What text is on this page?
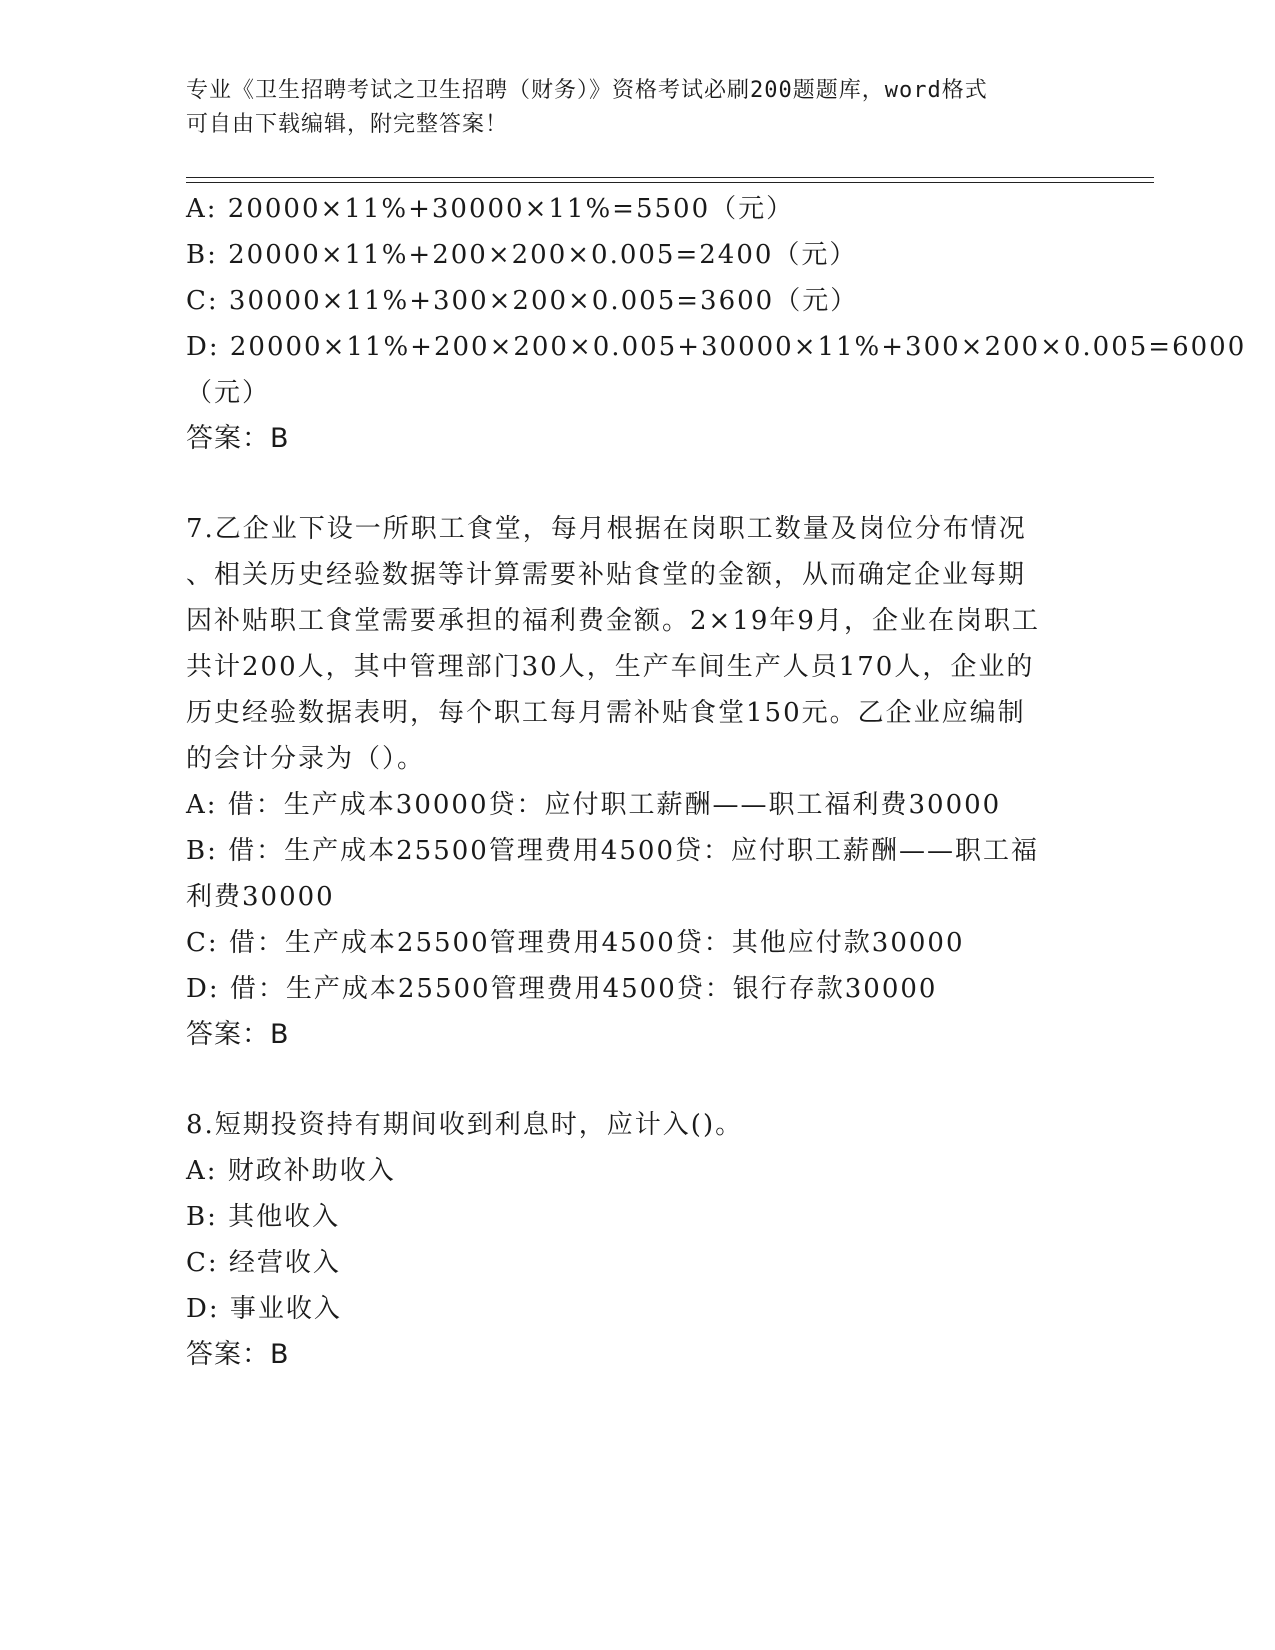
专业《卫生招聘考试之卫生招聘（财务）》资格考试必刷200题题库，word格式
可自由下载编辑，附完整答案！
A: 20000×11%+30000×11%=5500（元）
B: 20000×11%+200×200×0.005=2400（元）
C: 30000×11%+300×200×0.005=3600（元）
D: 20000×11%+200×200×0.005+30000×11%+300×200×0.005=6000
（元）
答案：B
7.乙企业下设一所职工食堂，每月根据在岗职工数量及岗位分布情况
、相关历史经验数据等计算需要补贴食堂的金额，从而确定企业每期
因补贴职工食堂需要承担的福利费金额。2×19年9月，企业在岗职工
共计200人，其中管理部门30人，生产车间生产人员170人，企业的
历史经验数据表明，每个职工每月需补贴食堂150元。乙企业应编制
的会计分录为（）。
A: 借：生产成本30000贷：应付职工薪酬——职工福利费30000
B: 借：生产成本25500管理费用4500贷：应付职工薪酬——职工福
利费30000
C: 借：生产成本25500管理费用4500贷：其他应付款30000
D: 借：生产成本25500管理费用4500贷：银行存款30000
答案：B
8.短期投资持有期间收到利息时，应计入()。
A: 财政补助收入
B: 其他收入
C: 经营收入
D: 事业收入
答案：B
